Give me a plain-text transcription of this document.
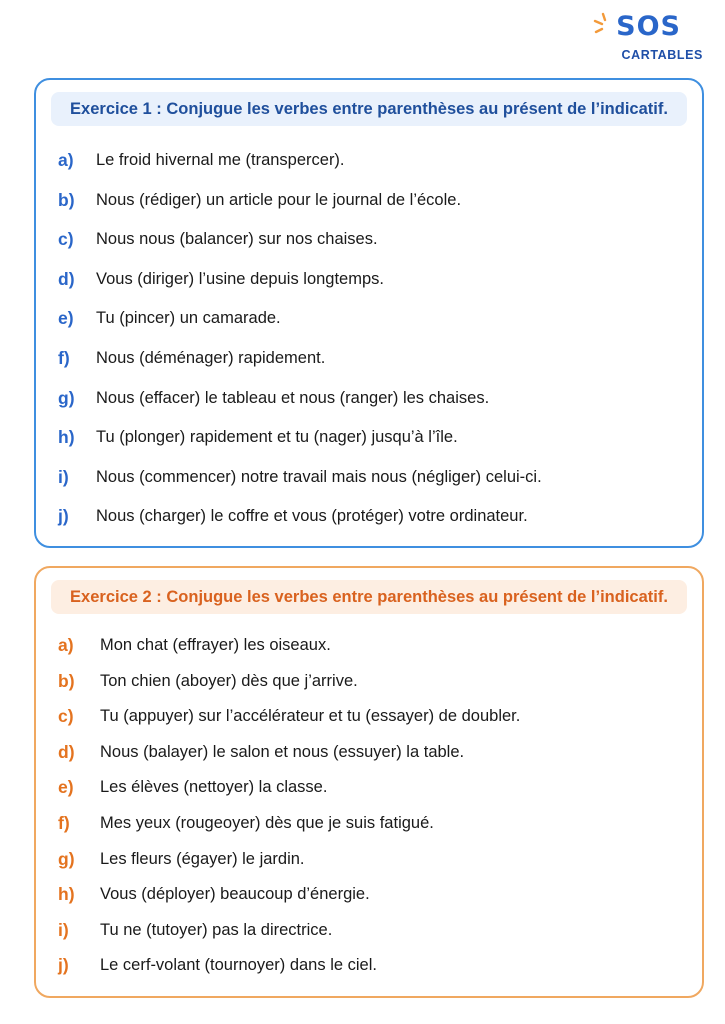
SOS
CARTABLES
Exercice 1 : Conjugue les verbes entre parenthèses au présent de l’indicatif.
a) Le froid hivernal me (transpercer).
b) Nous (rédiger) un article pour le journal de l’école.
c) Nous nous (balancer) sur nos chaises.
d) Vous (diriger) l’usine depuis longtemps.
e) Tu (pincer) un camarade.
f) Nous (déménager) rapidement.
g) Nous (effacer) le tableau et nous (ranger) les chaises.
h) Tu (plonger) rapidement et tu (nager) jusqu’à l’île.
i) Nous (commencer) notre travail mais nous (négliger) celui-ci.
j) Nous (charger) le coffre et vous (protéger) votre ordinateur.
Exercice 2 : Conjugue les verbes entre parenthèses au présent de l’indicatif.
a) Mon chat (effrayer) les oiseaux.
b) Ton chien (aboyer) dès que j’arrive.
c) Tu (appuyer) sur l’accélérateur et tu (essayer) de doubler.
d) Nous (balayer) le salon et nous (essuyer) la table.
e) Les élèves (nettoyer) la classe.
f) Mes yeux (rougeoyer) dès que je suis fatigué.
g) Les fleurs (égayer) le jardin.
h) Vous (déployer) beaucoup d’énergie.
i) Tu ne (tutoyer) pas la directrice.
j) Le cerf-volant (tournoyer) dans le ciel.
